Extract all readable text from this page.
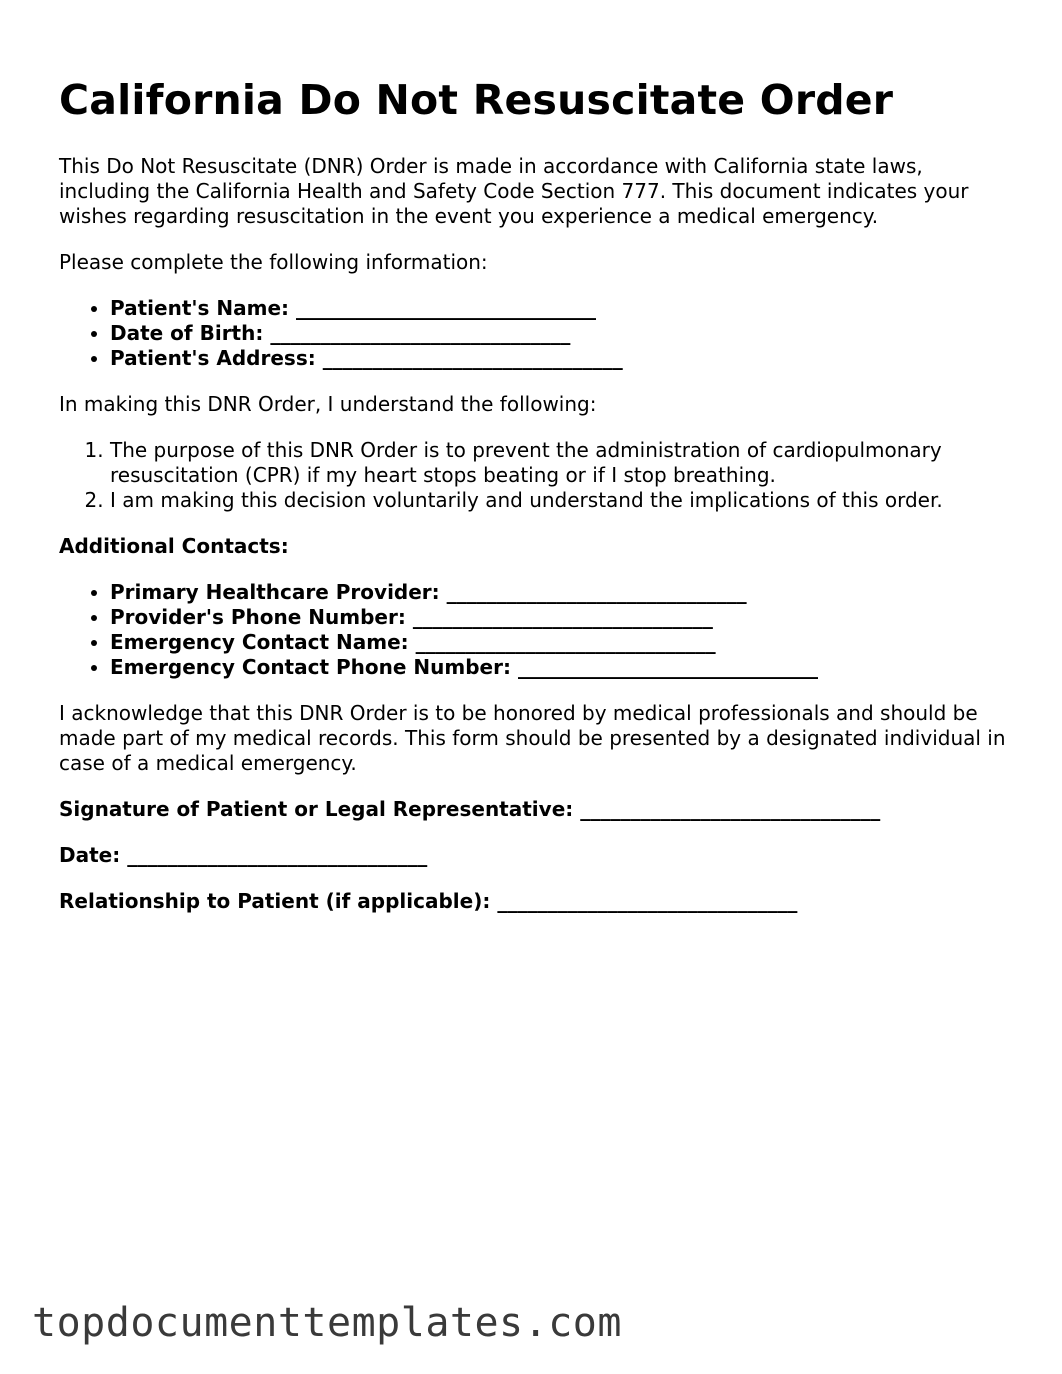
California Do Not Resuscitate Order

This Do Not Resuscitate (DNR) Order is made in accordance with California state laws, including the California Health and Safety Code Section 777. This document indicates your wishes regarding resuscitation in the event you experience a medical emergency.

Please complete the following information:

• Patient's Name: ______________________________
• Date of Birth: ______________________________
• Patient's Address: ______________________________

In making this DNR Order, I understand the following:

1. The purpose of this DNR Order is to prevent the administration of cardiopulmonary resuscitation (CPR) if my heart stops beating or if I stop breathing.
2. I am making this decision voluntarily and understand the implications of this order.

Additional Contacts:

• Primary Healthcare Provider: ______________________________
• Provider's Phone Number: ______________________________
• Emergency Contact Name: ______________________________
• Emergency Contact Phone Number: ______________________________

I acknowledge that this DNR Order is to be honored by medical professionals and should be made part of my medical records. This form should be presented by a designated individual in case of a medical emergency.

Signature of Patient or Legal Representative: ______________________________

Date: ______________________________

Relationship to Patient (if applicable): ______________________________

topdocumenttemplates.com
